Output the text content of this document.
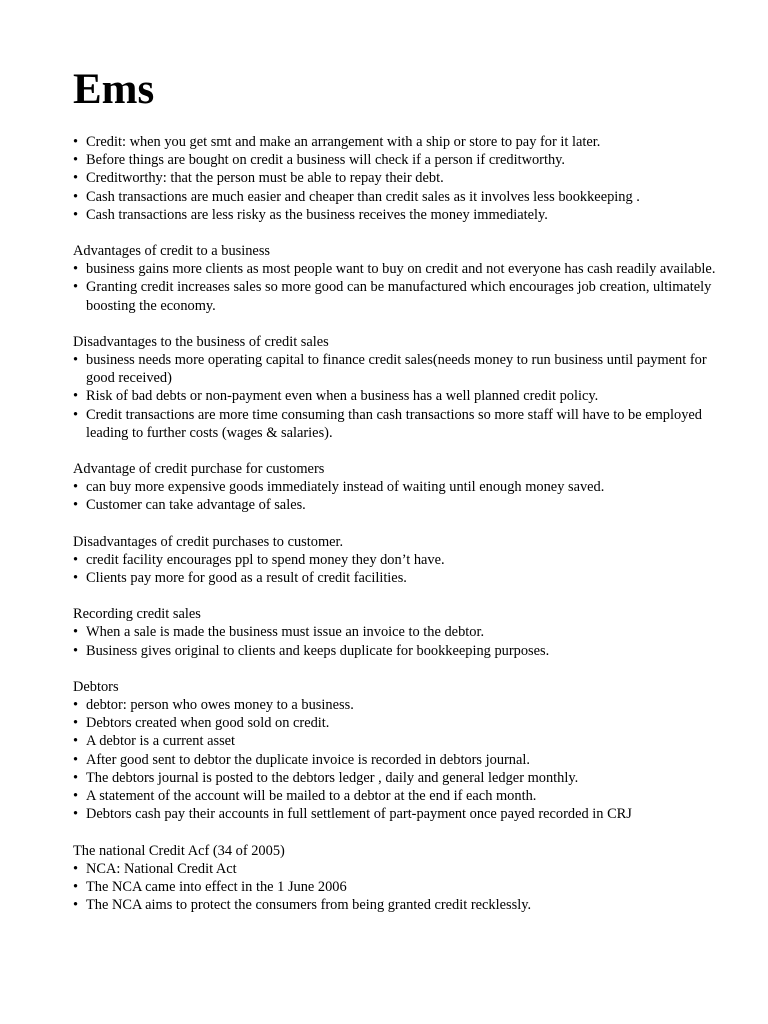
Ems
• Credit: when you get smt and make an arrangement with a ship or store to pay for it later.
• Before things are bought on credit a business will check if a person if creditworthy.
• Creditworthy: that the person must be able to repay their debt.
• Cash transactions are much easier and cheaper than credit sales as it involves less bookkeeping .
• Cash transactions are less risky as the business receives the money immediately.

Advantages of credit to a business

• business gains more clients as most people want to buy on credit and not everyone has cash readily available.
• Granting credit increases sales so more good can be manufactured which encourages job creation, ultimately boosting the economy.

Disadvantages to the business of credit sales

• business needs more operating capital to finance credit sales(needs money to run business until payment for good received)
• Risk of bad debts or non-payment even when a business has a well planned credit policy.
• Credit transactions are more time consuming than cash transactions so more staff will have to be employed leading to further costs (wages & salaries).

Advantage of credit purchase for customers

• can buy more expensive goods immediately instead of waiting until enough money saved.
• Customer can take advantage of sales.

Disadvantages of credit purchases to customer.

• credit facility encourages ppl to spend money they don’t have.
• Clients pay more for good as a result of credit facilities.

Recording credit sales

• When a sale is made the business must issue an invoice to the debtor.
• Business gives original to clients and keeps duplicate for bookkeeping purposes.

Debtors

• debtor: person who owes money to a business.
• Debtors created when good sold on credit.
• A debtor is a current asset
• After good sent to debtor the duplicate invoice is recorded in debtors journal.
• The debtors journal is posted to the debtors ledger , daily and general ledger monthly.
• A statement of the account will be mailed to a debtor at the end if each month.
• Debtors cash pay their accounts in full settlement of part-payment once payed recorded in CRJ

The national Credit Acf (34 of 2005)

• NCA: National Credit Act
• The NCA came into effect in the 1 June 2006
• The NCA aims to protect the consumers from being granted credit recklessly.
